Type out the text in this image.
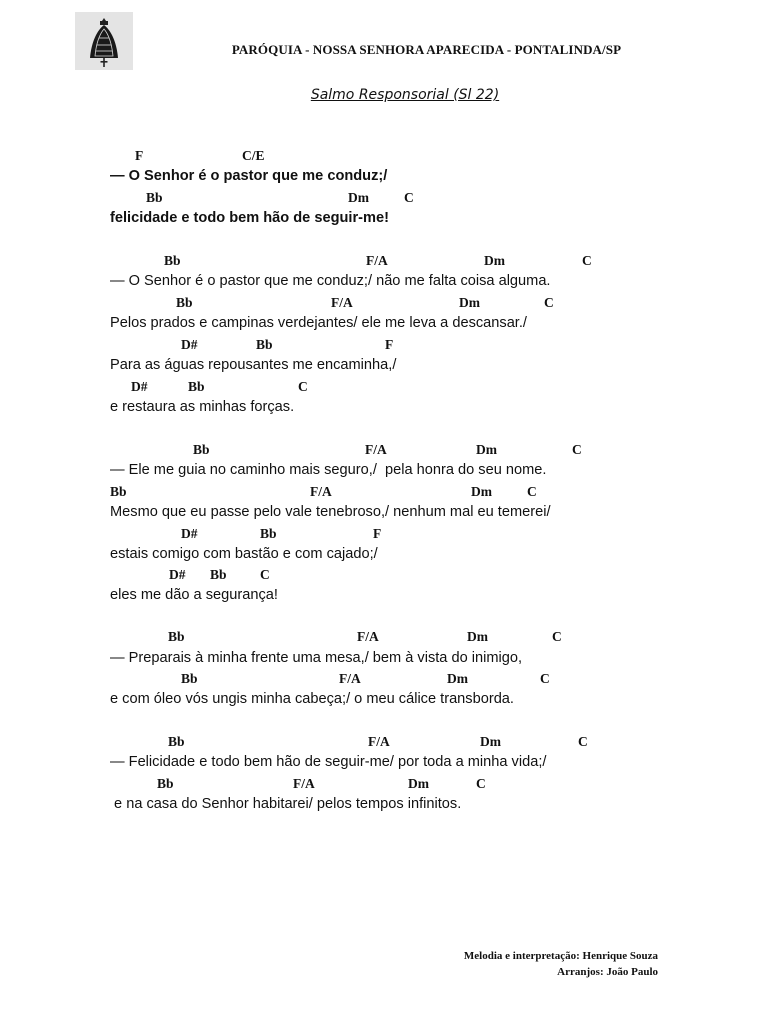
PARÓQUIA - NOSSA SENHORA APARECIDA - PONTALINDA/SP
Salmo Responsorial (Sl 22)
F	C/E
— O Senhor é o pastor que me conduz;/
Bb	Dm	C
felicidade e todo bem hão de seguir-me!
Bb	F/A	Dm	C
— O Senhor é o pastor que me conduz;/ não me falta coisa alguma.
Bb	F/A	Dm	C
Pelos prados e campinas verdejantes/ ele me leva a descansar./
D#	Bb	F
Para as águas repousantes me encaminha,/
D#	Bb	C
e restaura as minhas forças.
Bb	F/A	Dm	C
— Ele me guia no caminho mais seguro,/  pela honra do seu nome.
Bb	F/A	Dm	C
Mesmo que eu passe pelo vale tenebroso,/ nenhum mal eu temerei/
D#	Bb	F
estais comigo com bastão e com cajado;/
D# Bb C
eles me dão a segurança!
Bb	F/A	Dm	C
— Preparais à minha frente uma mesa,/ bem à vista do inimigo,
Bb	F/A	Dm	C
e com óleo vós ungis minha cabeça;/ o meu cálice transborda.
Bb	F/A	Dm	C
— Felicidade e todo bem hão de seguir-me/ por toda a minha vida;/
Bb	F/A	Dm	C
e na casa do Senhor habitarei/ pelos tempos infinitos.
Melodia e interpretação: Henrique Souza
Arranjos: João Paulo
